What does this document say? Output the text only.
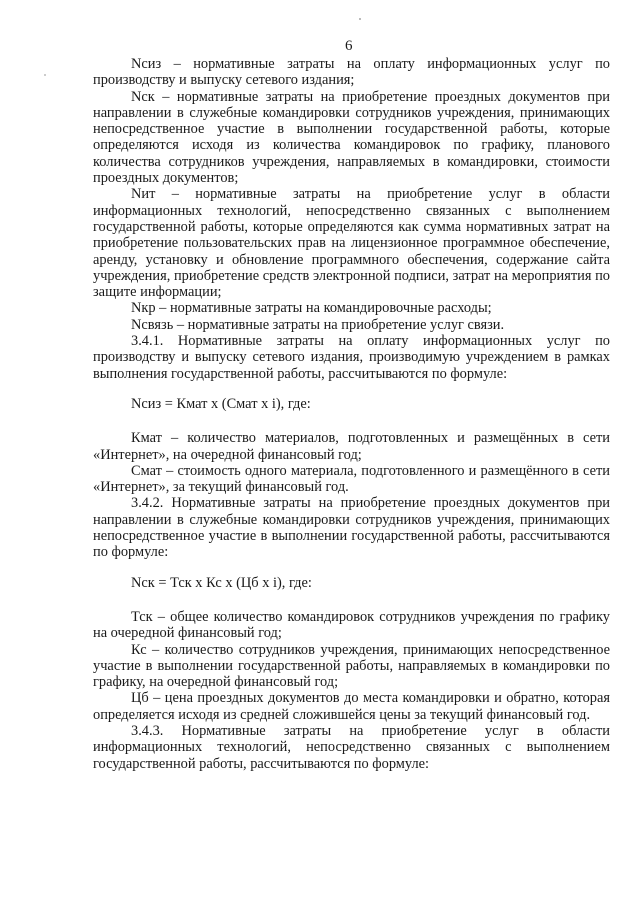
6

Nсиз – нормативные затраты на оплату информационных услуг по производству и выпуску сетевого издания;

Nск – нормативные затраты на приобретение проездных документов при направлении в служебные командировки сотрудников учреждения, принимающих непосредственное участие в выполнении государственной работы, которые определяются исходя из количества командировок по графику, планового количества сотрудников учреждения, направляемых в командировки, стоимости проездных документов;

Nит – нормативные затраты на приобретение услуг в области информационных технологий, непосредственно связанных с выполнением государственной работы, которые определяются как сумма нормативных затрат на приобретение пользовательских прав на лицензионное программное обеспечение, аренду, установку и обновление программного обеспечения, содержание сайта учреждения, приобретение средств электронной подписи, затрат на мероприятия по защите информации;

Nкр – нормативные затраты на командировочные расходы;

Nсвязь – нормативные затраты на приобретение услуг связи.

3.4.1. Нормативные затраты на оплату информационных услуг по производству и выпуску сетевого издания, производимую учреждением в рамках выполнения государственной работы, рассчитываются по формуле:

Nсиз = Кмат х (Смат х i), где:

Кмат – количество материалов, подготовленных и размещённых в сети «Интернет», на очередной финансовый год;

Смат – стоимость одного материала, подготовленного и размещённого в сети «Интернет», за текущий финансовый год.

3.4.2. Нормативные затраты на приобретение проездных документов при направлении в служебные командировки сотрудников учреждения, принимающих непосредственное участие в выполнении государственной работы, рассчитываются по формуле:

Nск = Тск х Кс х (Цб х i), где:

Тск – общее количество командировок сотрудников учреждения по графику на очередной финансовый год;

Кс – количество сотрудников учреждения, принимающих непосредственное участие в выполнении государственной работы, направляемых в командировки по графику, на очередной финансовый год;

Цб – цена проездных документов до места командировки и обратно, которая определяется исходя из средней сложившейся цены за текущий финансовый год.

3.4.3. Нормативные затраты на приобретение услуг в области информационных технологий, непосредственно связанных с выполнением государственной работы, рассчитываются по формуле:
